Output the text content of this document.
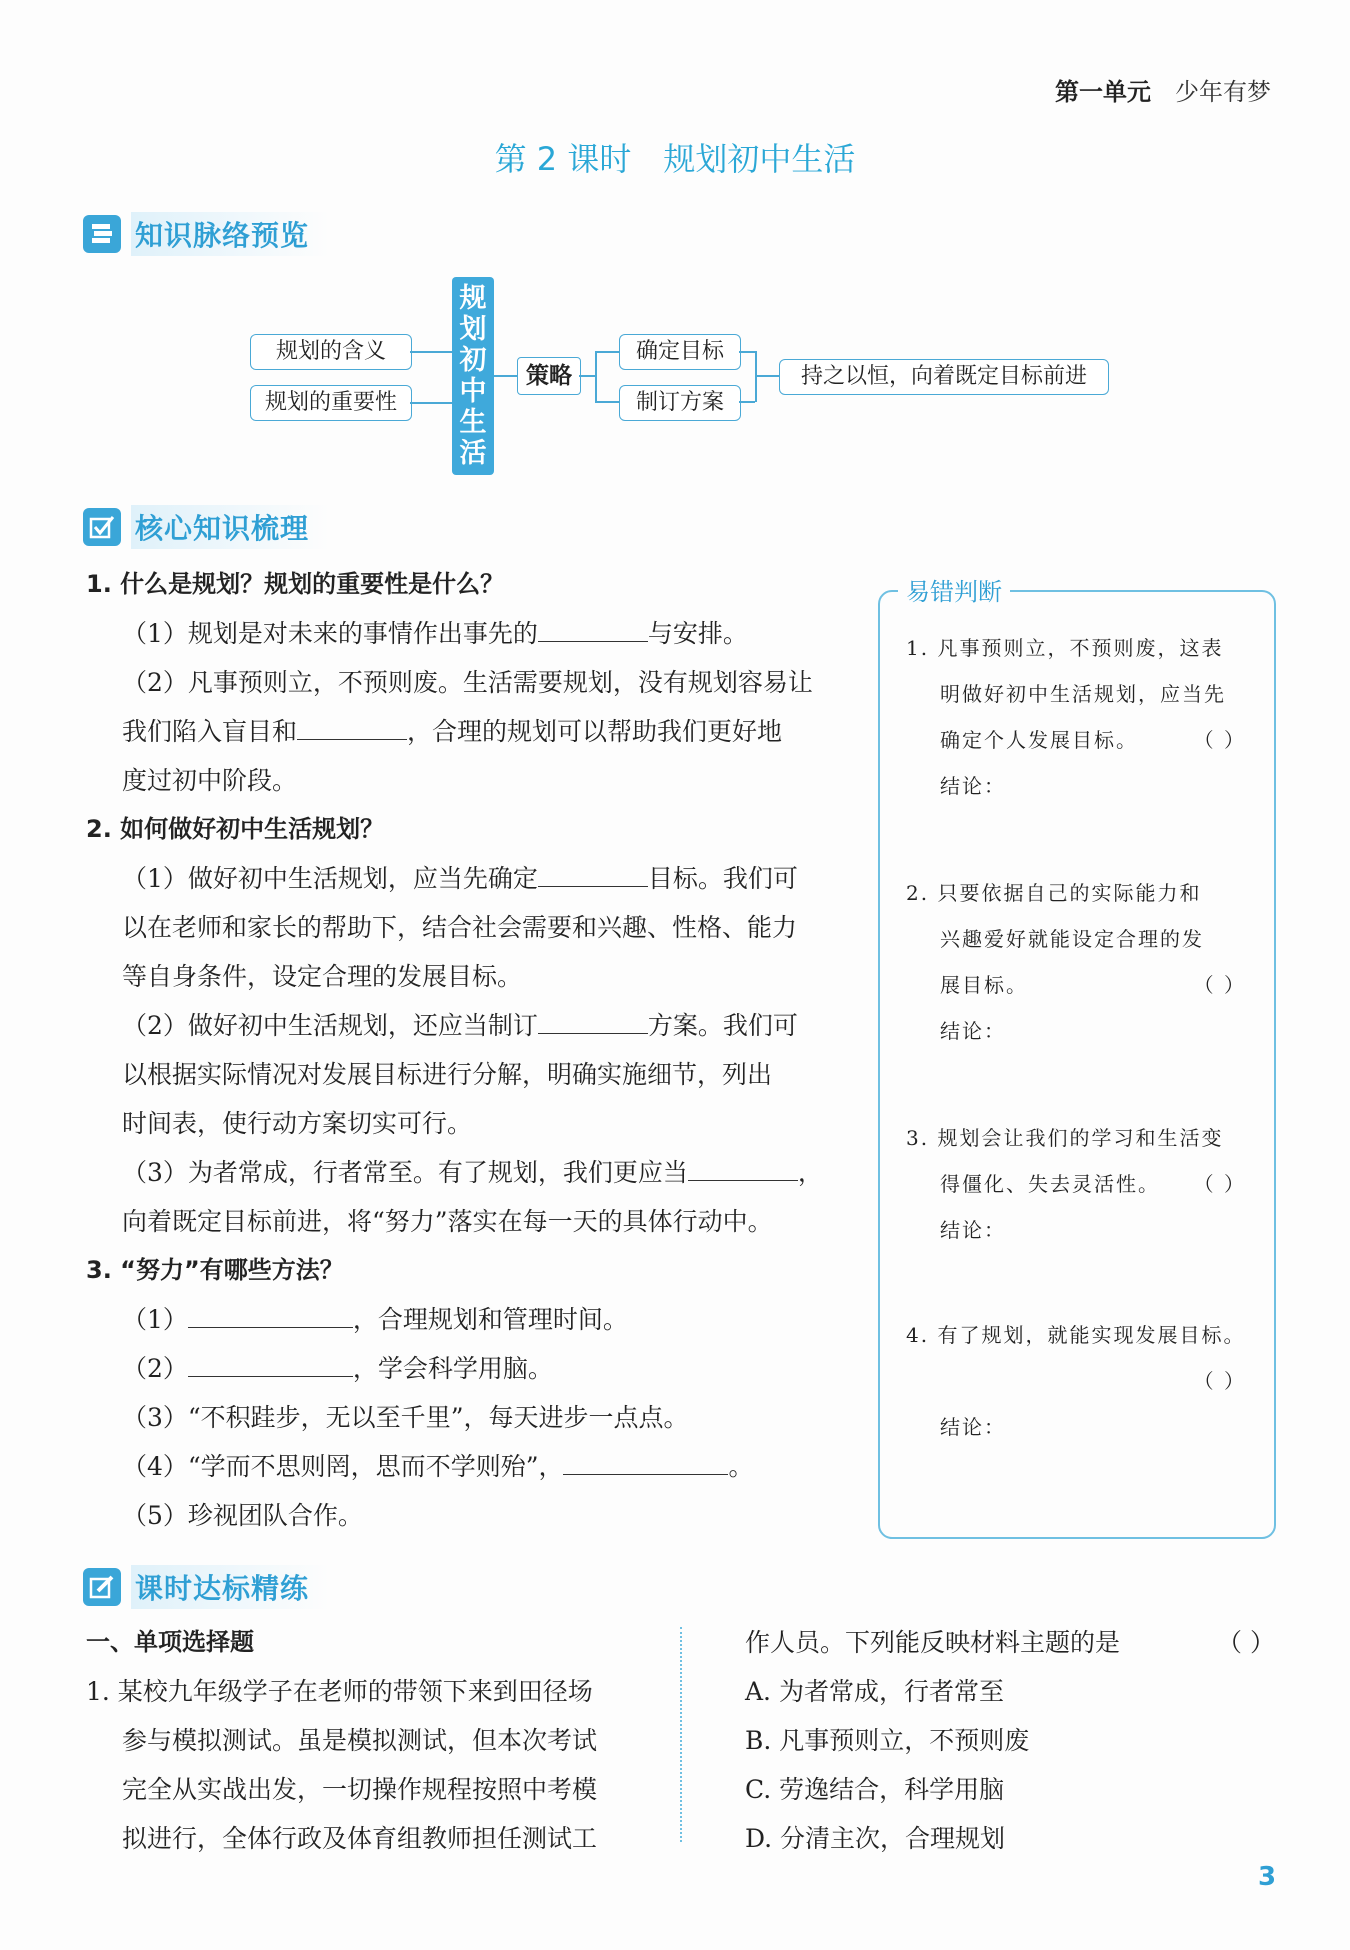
第一单元 少年有梦
第 2 课时 规划初中生活
知识脉络预览
规划的含义
规划的重要性
规划初中生活
策略
确定目标
制订方案
持之以恒，向着既定目标前进
核心知识梳理
1. 什么是规划？规划的重要性是什么？
（1）规划是对未来的事情作出事先的	与安排。
（2）凡事预则立，不预则废。生活需要规划，没有规划容易让
我们陷入盲目和	，合理的规划可以帮助我们更好地
度过初中阶段。
2. 如何做好初中生活规划？
（1）做好初中生活规划，应当先确定	目标。我们可
以在老师和家长的帮助下，结合社会需要和兴趣、性格、能力
等自身条件，设定合理的发展目标。
（2）做好初中生活规划，还应当制订	方案。我们可
以根据实际情况对发展目标进行分解，明确实施细节，列出
时间表，使行动方案切实可行。
（3）为者常成，行者常至。有了规划，我们更应当	，
向着既定目标前进，将“努力”落实在每一天的具体行动中。
3. “努力”有哪些方法？
（1）	，合理规划和管理时间。
（2）	，学会科学用脑。
（3）“不积跬步，无以至千里”，每天进步一点点。
（4）“学而不思则罔，思而不学则殆”，	。
（5）珍视团队合作。
易错判断
1. 凡事预则立，不预则废，这表
明做好初中生活规划，应当先
确定个人发展目标。	（ ）
结论：
2. 只要依据自己的实际能力和
兴趣爱好就能设定合理的发
展目标。	（ ）
结论：
3. 规划会让我们的学习和生活变
得僵化、失去灵活性。 （ ）
结论：
4. 有了规划，就能实现发展目标。
（ ）
结论：
课时达标精练
一、单项选择题
1. 某校九年级学子在老师的带领下来到田径场
参与模拟测试。虽是模拟测试，但本次考试
完全从实战出发，一切操作规程按照中考模
拟进行，全体行政及体育组教师担任测试工
作人员。下列能反映材料主题的是	（ ）
A. 为者常成，行者常至
B. 凡事预则立，不预则废
C. 劳逸结合，科学用脑
D. 分清主次，合理规划
3
